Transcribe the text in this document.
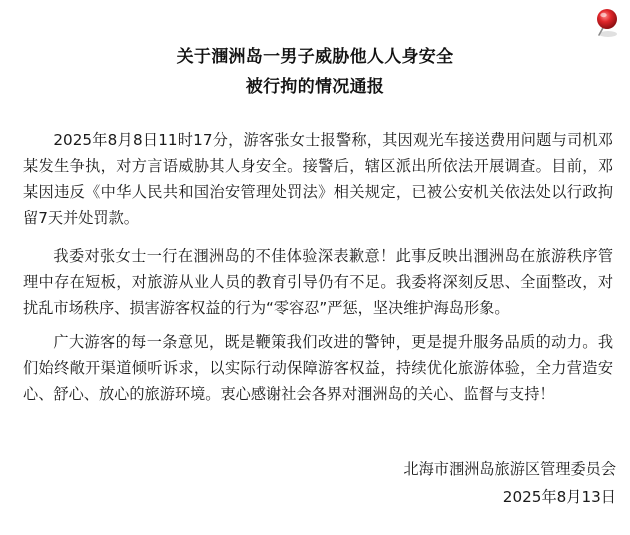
关于涠洲岛一男子威胁他人人身安全
被行拘的情况通报

2025年8月8日11时17分，游客张女士报警称，其因观光车接送费用问题与司机邓某发生争执，对方言语威胁其人身安全。接警后，辖区派出所依法开展调查。目前，邓某因违反《中华人民共和国治安管理处罚法》相关规定，已被公安机关依法处以行政拘留7天并处罚款。

我委对张女士一行在涠洲岛的不佳体验深表歉意！此事反映出涠洲岛在旅游秩序管理中存在短板，对旅游从业人员的教育引导仍有不足。我委将深刻反思、全面整改，对扰乱市场秩序、损害游客权益的行为“零容忍”严惩，坚决维护海岛形象。

广大游客的每一条意见，既是鞭策我们改进的警钟，更是提升服务品质的动力。我们始终敞开渠道倾听诉求，以实际行动保障游客权益，持续优化旅游体验，全力营造安心、舒心、放心的旅游环境。衷心感谢社会各界对涠洲岛的关心、监督与支持！

北海市涠洲岛旅游区管理委员会
2025年8月13日
